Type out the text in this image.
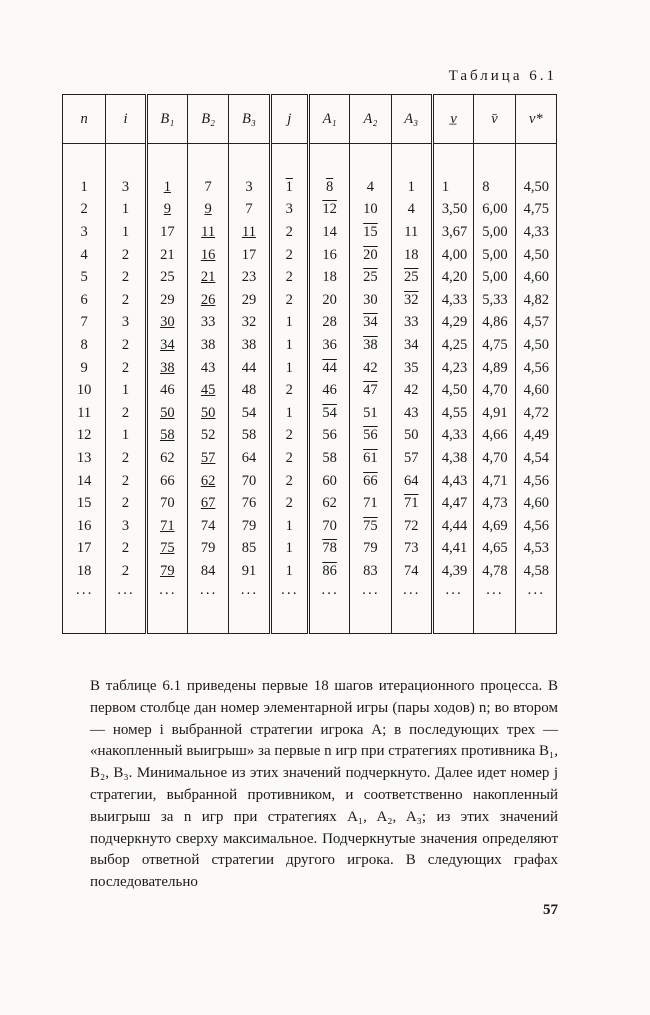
Таблица 6.1
n	i	B₁	B₂	B₃	j	A₁	A₂	A₃	v̲	v̄	v*

1	3	1	7	3	1	8	4	1	1	8	4,50
2	1	9	9	7	3	12	10	4	3,50	6,00	4,75
3	1	17	11	11	2	14	15	11	3,67	5,00	4,33
4	2	21	16	17	2	16	20	18	4,00	5,00	4,50
5	2	25	21	23	2	18	25	25	4,20	5,00	4,60
6	2	29	26	29	2	20	30	32	4,33	5,33	4,82
7	3	30	33	32	1	28	34	33	4,29	4,86	4,57
8	2	34	38	38	1	36	38	34	4,25	4,75	4,50
9	2	38	43	44	1	44	42	35	4,23	4,89	4,56
10	1	46	45	48	2	46	47	42	4,50	4,70	4,60
11	2	50	50	54	1	54	51	43	4,55	4,91	4,72
12	1	58	52	58	2	56	56	50	4,33	4,66	4,49
13	2	62	57	64	2	58	61	57	4,38	4,70	4,54
14	2	66	62	70	2	60	66	64	4,43	4,71	4,56
15	2	70	67	76	2	62	71	71	4,47	4,73	4,60
16	3	71	74	79	1	70	75	72	4,44	4,69	4,56
17	2	75	79	85	1	78	79	73	4,41	4,65	4,53
18	2	79	84	91	1	86	83	74	4,39	4,78	4,58
···	···	···	···	···	···	···	···	···	···	···	···

В таблице 6.1 приведены первые 18 шагов итерационного процесса. В первом столбце дан номер элементарной игры (пары ходов) n; во втором — номер i выбранной стратегии игрока A; в последующих трех — «накопленный выигрыш» за первые n игр при стратегиях противника B₁, B₂, B₃. Минимальное из этих значений подчеркнуто. Далее идет номер j стратегии, выбранной противником, и соответственно накопленный выигрыш за n игр при стратегиях A₁, A₂, A₃; из этих значений подчеркнуто сверху максимальное. Подчеркнутые значения определяют выбор ответной стратегии другого игрока. В следующих графах последовательно

57
